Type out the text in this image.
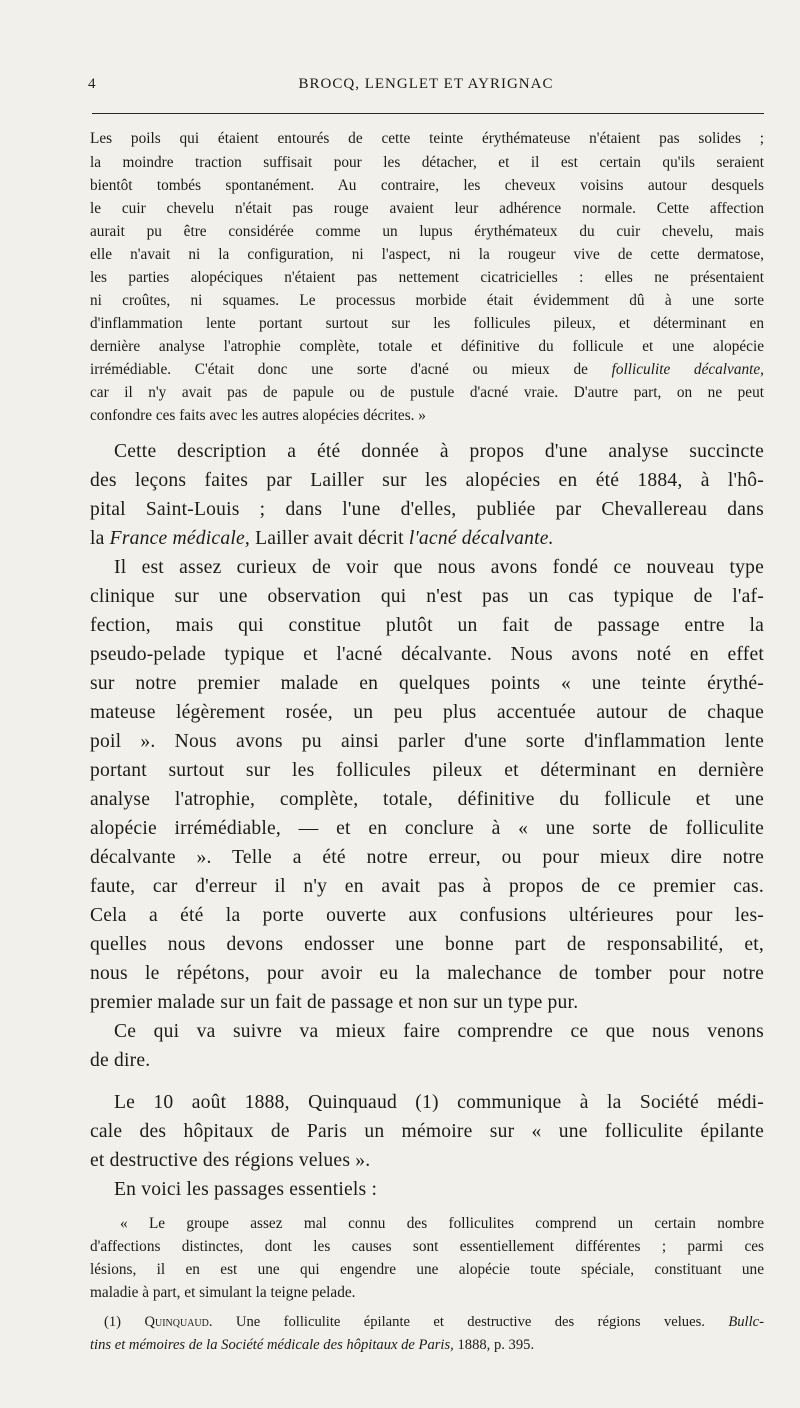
4	BROCQ, LENGLET ET AYRIGNAC
Les poils qui étaient entourés de cette teinte érythémateuse n'étaient pas solides ;
la moindre traction suffisait pour les détacher, et il est certain qu'ils seraient
bientôt tombés spontanément. Au contraire, les cheveux voisins autour desquels
le cuir chevelu n'était pas rouge avaient leur adhérence normale. Cette affection
aurait pu être considérée comme un lupus érythémateux du cuir chevelu, mais
elle n'avait ni la configuration, ni l'aspect, ni la rougeur vive de cette dermatose,
les parties alopéciques n'étaient pas nettement cicatricielles : elles ne présentaient
ni croûtes, ni squames. Le processus morbide était évidemment dû à une sorte
d'inflammation lente portant surtout sur les follicules pileux, et déterminant en
dernière analyse l'atrophie complète, totale et définitive du follicule et une alopécie
irrémédiable. C'était donc une sorte d'acné ou mieux de folliculite décalvante,
car il n'y avait pas de papule ou de pustule d'acné vraie. D'autre part, on ne peut
confondre ces faits avec les autres alopécies décrites. »
Cette description a été donnée à propos d'une analyse succincte
des leçons faites par Lailler sur les alopécies en été 1884, à l'hô-
pital Saint-Louis ; dans l'une d'elles, publiée par Chevallereau dans
la France médicale, Lailler avait décrit l'acné décalvante.
Il est assez curieux de voir que nous avons fondé ce nouveau type
clinique sur une observation qui n'est pas un cas typique de l'af-
fection, mais qui constitue plutôt un fait de passage entre la
pseudo-pelade typique et l'acné décalvante. Nous avons noté en effet
sur notre premier malade en quelques points « une teinte érythé-
mateuse légèrement rosée, un peu plus accentuée autour de chaque
poil ». Nous avons pu ainsi parler d'une sorte d'inflammation lente
portant surtout sur les follicules pileux et déterminant en dernière
analyse l'atrophie, complète, totale, définitive du follicule et une
alopécie irrémédiable, — et en conclure à « une sorte de folliculite
décalvante ». Telle a été notre erreur, ou pour mieux dire notre
faute, car d'erreur il n'y en avait pas à propos de ce premier cas.
Cela a été la porte ouverte aux confusions ultérieures pour les-
quelles nous devons endosser une bonne part de responsabilité, et,
nous le répétons, pour avoir eu la malechance de tomber pour notre
premier malade sur un fait de passage et non sur un type pur.
Ce qui va suivre va mieux faire comprendre ce que nous venons
de dire.
Le 10 août 1888, Quinquaud (1) communique à la Société médi-
cale des hôpitaux de Paris un mémoire sur « une folliculite épilante
et destructive des régions velues ».
En voici les passages essentiels :
« Le groupe assez mal connu des folliculites comprend un certain nombre
d'affections distinctes, dont les causes sont essentiellement différentes ; parmi ces
lésions, il en est une qui engendre une alopécie toute spéciale, constituant une
maladie à part, et simulant la teigne pelade.
(1) Quinquaud. Une folliculite épilante et destructive des régions velues. Bullc-
tins et mémoires de la Société médicale des hôpitaux de Paris, 1888, p. 395.
